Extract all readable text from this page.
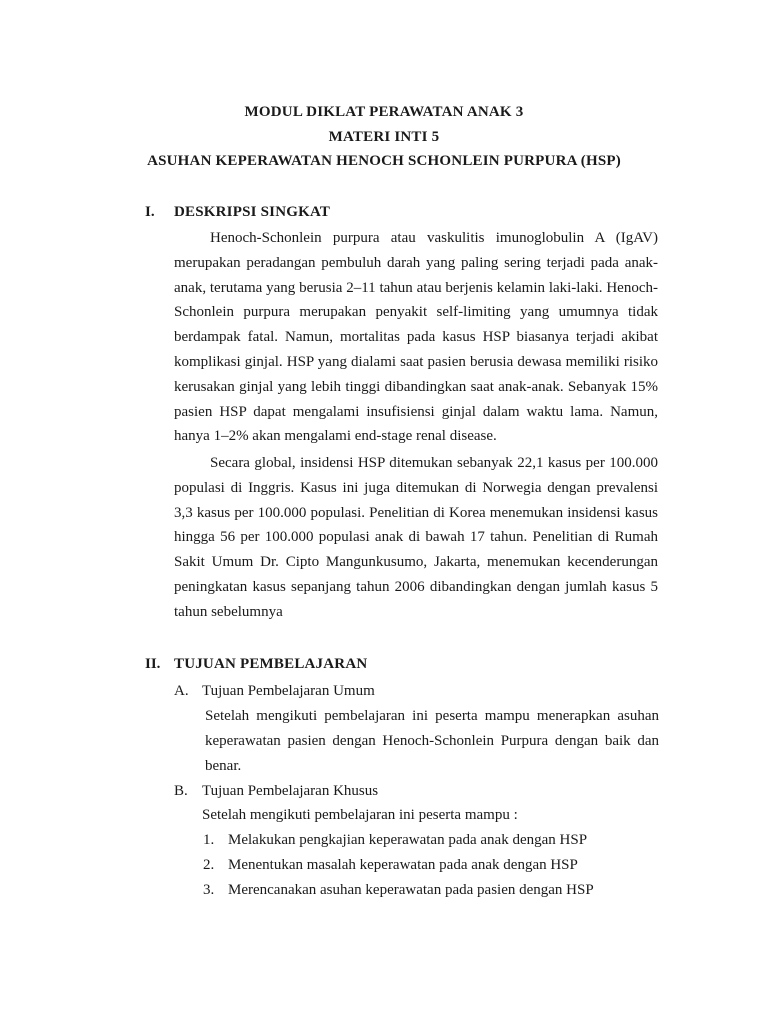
MODUL DIKLAT PERAWATAN ANAK 3
MATERI INTI 5
ASUHAN KEPERAWATAN HENOCH SCHONLEIN PURPURA (HSP)
I. DESKRIPSI SINGKAT

Henoch-Schonlein purpura atau vaskulitis imunoglobulin A (IgAV) merupakan peradangan pembuluh darah yang paling sering terjadi pada anak-anak, terutama yang berusia 2–11 tahun atau berjenis kelamin laki-laki. Henoch-Schonlein purpura merupakan penyakit self-limiting yang umumnya tidak berdampak fatal. Namun, mortalitas pada kasus HSP biasanya terjadi akibat komplikasi ginjal. HSP yang dialami saat pasien berusia dewasa memiliki risiko kerusakan ginjal yang lebih tinggi dibandingkan saat anak-anak. Sebanyak 15% pasien HSP dapat mengalami insufisiensi ginjal dalam waktu lama. Namun, hanya 1–2% akan mengalami end-stage renal disease.

Secara global, insidensi HSP ditemukan sebanyak 22,1 kasus per 100.000 populasi di Inggris. Kasus ini juga ditemukan di Norwegia dengan prevalensi 3,3 kasus per 100.000 populasi. Penelitian di Korea menemukan insidensi kasus hingga 56 per 100.000 populasi anak di bawah 17 tahun. Penelitian di Rumah Sakit Umum Dr. Cipto Mangunkusumo, Jakarta, menemukan kecenderungan peningkatan kasus sepanjang tahun 2006 dibandingkan dengan jumlah kasus 5 tahun sebelumnya

II. TUJUAN PEMBELAJARAN
A. Tujuan Pembelajaran Umum

Setelah mengikuti pembelajaran ini peserta mampu menerapkan asuhan keperawatan pasien dengan Henoch-Schonlein Purpura dengan baik dan benar.

B. Tujuan Pembelajaran Khusus
Setelah mengikuti pembelajaran ini peserta mampu :
1. Melakukan pengkajian keperawatan pada anak dengan HSP
2. Menentukan masalah keperawatan pada anak dengan HSP
3. Merencanakan asuhan keperawatan pada pasien dengan HSP
